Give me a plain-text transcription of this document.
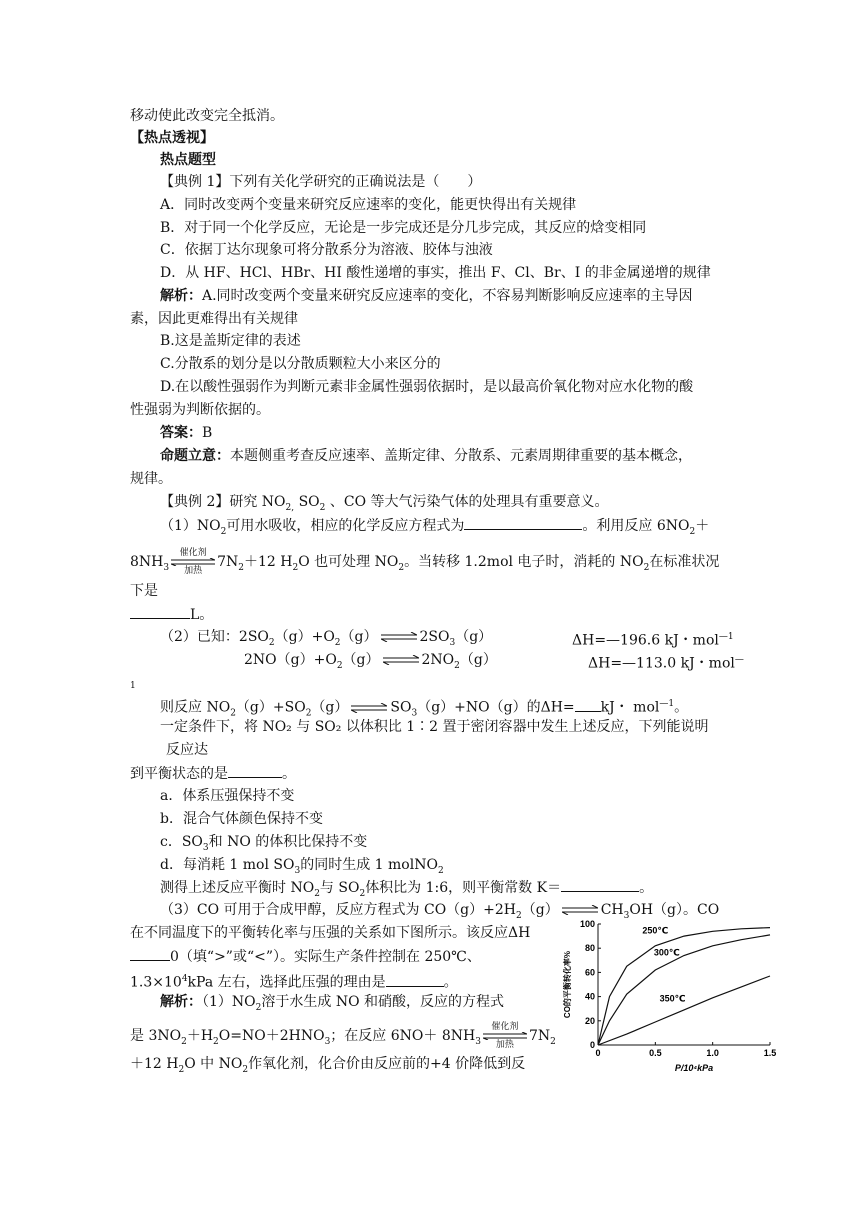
移动使此改变完全抵消。
【热点透视】
热点题型
【典例 1】下列有关化学研究的正确说法是（　　）
A．同时改变两个变量来研究反应速率的变化，能更快得出有关规律
B．对于同一个化学反应，无论是一步完成还是分几步完成，其反应的焓变相同
C．依据丁达尔现象可将分散系分为溶液、胶体与浊液
D．从 HF、HCl、HBr、HI 酸性递增的事实，推出 F、Cl、Br、I 的非金属递增的规律
解析：A.同时改变两个变量来研究反应速率的变化，不容易判断影响反应速率的主导因
素，因此更难得出有关规律
B.这是盖斯定律的表述
C.分散系的划分是以分散质颗粒大小来区分的
D.在以酸性强弱作为判断元素非金属性强弱依据时，是以最高价氧化物对应水化物的酸
性强弱为判断依据的。
答案：B
命题立意：本题侧重考查反应速率、盖斯定律、分散系、元素周期律重要的基本概念，
规律。
【典例 2】研究 $NO_{2,}$ $SO_2$ 、CO 等大气污染气体的处理具有重要意义。
$(1)NO_2$可用水吸收，相应的化学反应方程式为	。利用反应 $6NO_2+$
$8NH_3$
催化剂
加热
$7N_2+12$ $H_2O$ 也可处理 $NO_2$。当转移 1.2mol 电子时，消耗的 $NO_2$在标准状况
下是
L。
（2）已知：$2SO_2(g)+O_2(g)$ ⇌ $2SO_3(g)$	ΔH=—196.6 kJ・mol$^{—1}$
$2NO(g)+O_2(g)$ ⇌ $2NO_2(g)$	ΔH=—113.0 kJ・mol—
1
则反应 $NO_2(g)+SO_2(g)$ ⇌ $SO_3(g)+NO(g)$的ΔH= kJ・ mol$^{—1}$。
一定条件下，将 NO₂ 与 SO₂ 以体积比 1∶2 置于密闭容器中发生上述反应，下列能说明
反应达
到平衡状态的是	。
a．体系压强保持不变
b．混合气体颜色保持不变
c．$SO_3$和 NO 的体积比保持不变
d．每消耗 1 mol $SO_3$的同时生成 1 molNO$_2$
测得上述反应平衡时 $NO_2$与 $SO_2$体积比为 1:6，则平衡常数 K＝	。
（3）CO 可用于合成甲醇，反应方程式为 $CO(g)+2H_2(g)$ ⇌ $CH_3OH(g)$。CO
在不同温度下的平衡转化率与压强的关系如下图所示。该反应ΔH
0（填“>”或“<”）。实际生产条件控制在 250℃、
$1.3\times 10^4kPa$ 左右，选择此压强的理由是	。
解析：$(1)NO_2$溶于水生成 NO 和硝酸，反应的方程式
是 $3NO_2+H_2O=NO+2HNO_3$；在反应 $6NO+ 8NH_3$
催化剂
加热
$7N_2$
＋12 $H_2O$ 中 $NO_2$作氧化剂，化合价由反应前的+4 价降低到反
0	0.5	1.0	1.5
0
20
40
60
80
100
P/10⁴kPa
CO的平衡转化率%
250℃
300℃
350℃
